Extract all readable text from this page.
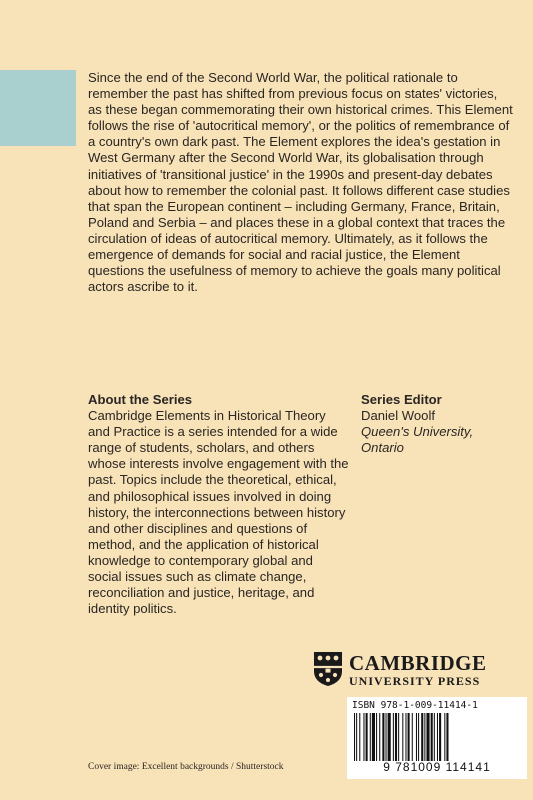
Since the end of the Second World War, the political rationale to remember the past has shifted from previous focus on states' victories, as these began commemorating their own historical crimes. This Element follows the rise of 'autocritical memory', or the politics of remembrance of a country's own dark past. The Element explores the idea's gestation in West Germany after the Second World War, its globalisation through initiatives of 'transitional justice' in the 1990s and present-day debates about how to remember the colonial past. It follows different case studies that span the European continent – including Germany, France, Britain, Poland and Serbia – and places these in a global context that traces the circulation of ideas of autocritical memory. Ultimately, as it follows the emergence of demands for social and racial justice, the Element questions the usefulness of memory to achieve the goals many political actors ascribe to it.

About the Series

Cambridge Elements in Historical Theory and Practice is a series intended for a wide range of students, scholars, and others whose interests involve engagement with the past. Topics include the theoretical, ethical, and philosophical issues involved in doing history, the interconnections between history and other disciplines and questions of method, and the application of historical knowledge to contemporary global and social issues such as climate change, reconciliation and justice, heritage, and identity politics.

Series Editor
Daniel Woolf
Queen's University,
Ontario
CAMBRIDGE
UNIVERSITY PRESS
ISBN 978-1-009-11414-1
9 781009 114141
Cover image: Excellent backgrounds / Shutterstock
